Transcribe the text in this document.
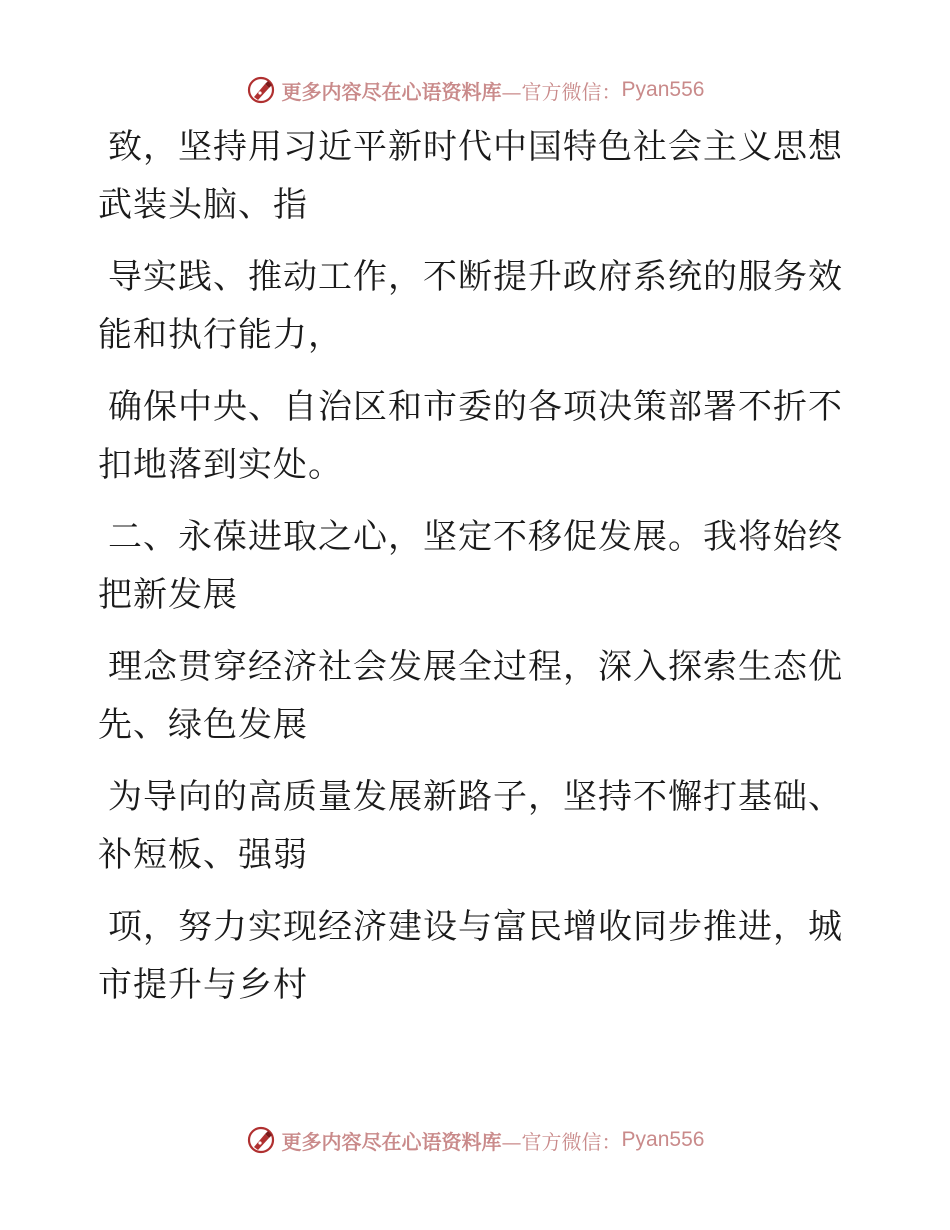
更多内容尽在心语资料库 —官方微信： Pyan556
致，坚持用习近平新时代中国特色社会主义思想
武装头脑、指
导实践、推动工作，不断提升政府系统的服务效
能和执行能力，
确保中央、自治区和市委的各项决策部署不折不
扣地落到实处。
二、永葆进取之心，坚定不移促发展。我将始终
把新发展
理念贯穿经济社会发展全过程，深入探索生态优
先、绿色发展
为导向的高质量发展新路子，坚持不懈打基础、
补短板、强弱
项，努力实现经济建设与富民增收同步推进，城
市提升与乡村
更多内容尽在心语资料库 —官方微信： Pyan556
